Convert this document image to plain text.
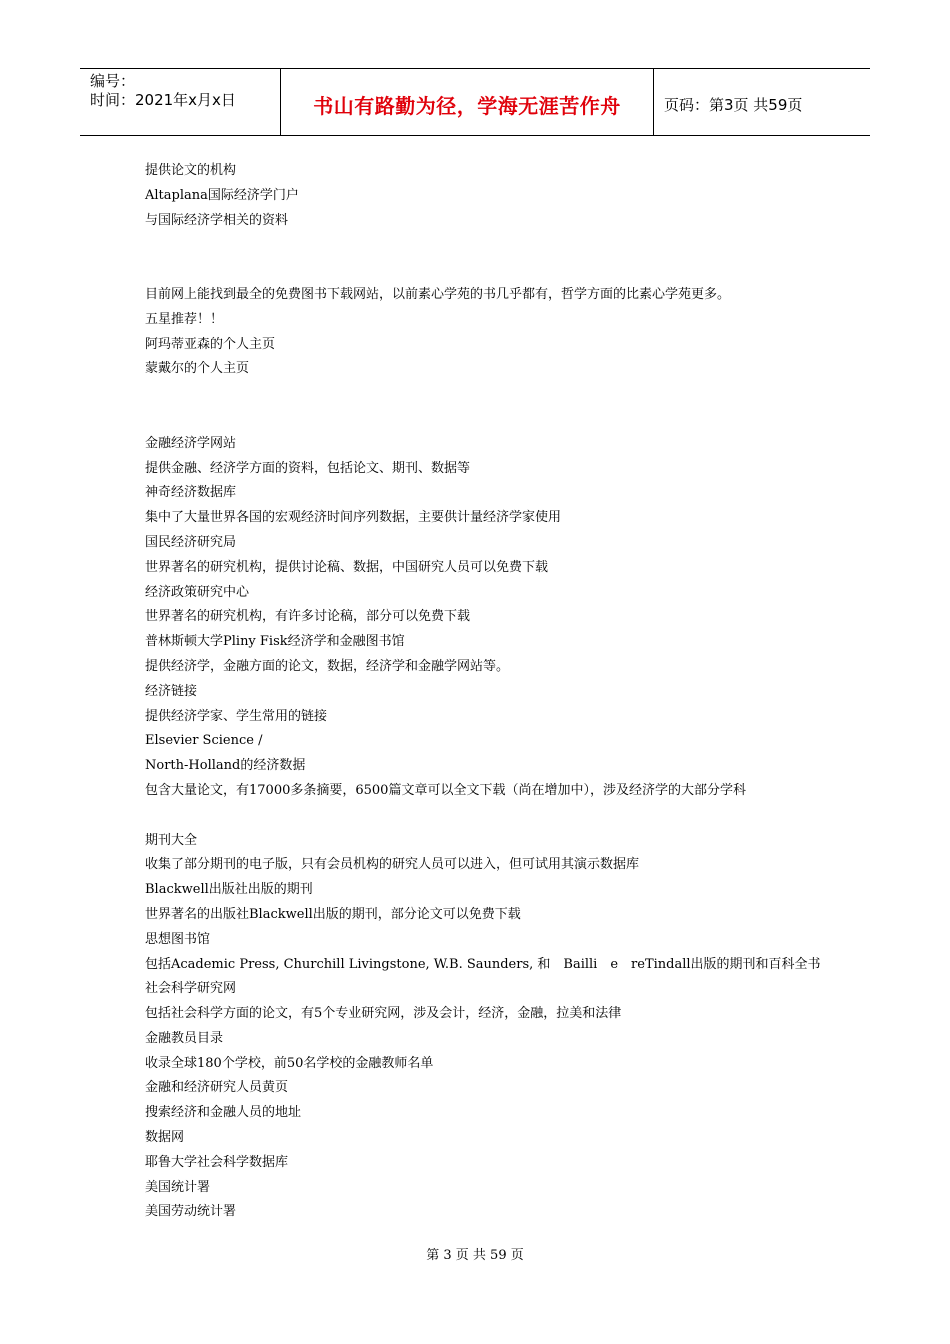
编号：
时间：2021年x月x日	书山有路勤为径，学海无涯苦作舟	页码：第3页 共59页
提供论文的机构
Altaplana国际经济学门户
与国际经济学相关的资料
目前网上能找到最全的免费图书下载网站，以前素心学苑的书几乎都有，哲学方面的比素心学苑更多。
五星推荐！！
阿玛蒂亚森的个人主页
蒙戴尔的个人主页
金融经济学网站
提供金融、经济学方面的资料，包括论文、期刊、数据等
神奇经济数据库
集中了大量世界各国的宏观经济时间序列数据，主要供计量经济学家使用
国民经济研究局
世界著名的研究机构，提供讨论稿、数据，中国研究人员可以免费下载
经济政策研究中心
世界著名的研究机构，有许多讨论稿，部分可以免费下载
普林斯顿大学Pliny Fisk经济学和金融图书馆
提供经济学，金融方面的论文，数据，经济学和金融学网站等。
经济链接
提供经济学家、学生常用的链接
Elsevier Science /
North-Holland的经济数据
包含大量论文，有17000多条摘要，6500篇文章可以全文下载（尚在增加中），涉及经济学的大部分学科
期刊大全
收集了部分期刊的电子版，只有会员机构的研究人员可以进入，但可试用其演示数据库
Blackwell出版社出版的期刊
世界著名的出版社Blackwell出版的期刊，部分论文可以免费下载
思想图书馆
包括Academic Press, Churchill Livingstone, W.B. Saunders, 和　Bailli　e　reTindall出版的期刊和百科全书
社会科学研究网
包括社会科学方面的论文，有5个专业研究网，涉及会计，经济，金融，拉美和法律
金融教员目录
收录全球180个学校，前50名学校的金融教师名单
金融和经济研究人员黄页
搜索经济和金融人员的地址
数据网
耶鲁大学社会科学数据库
美国统计署
美国劳动统计署
第 3 页 共 59 页
